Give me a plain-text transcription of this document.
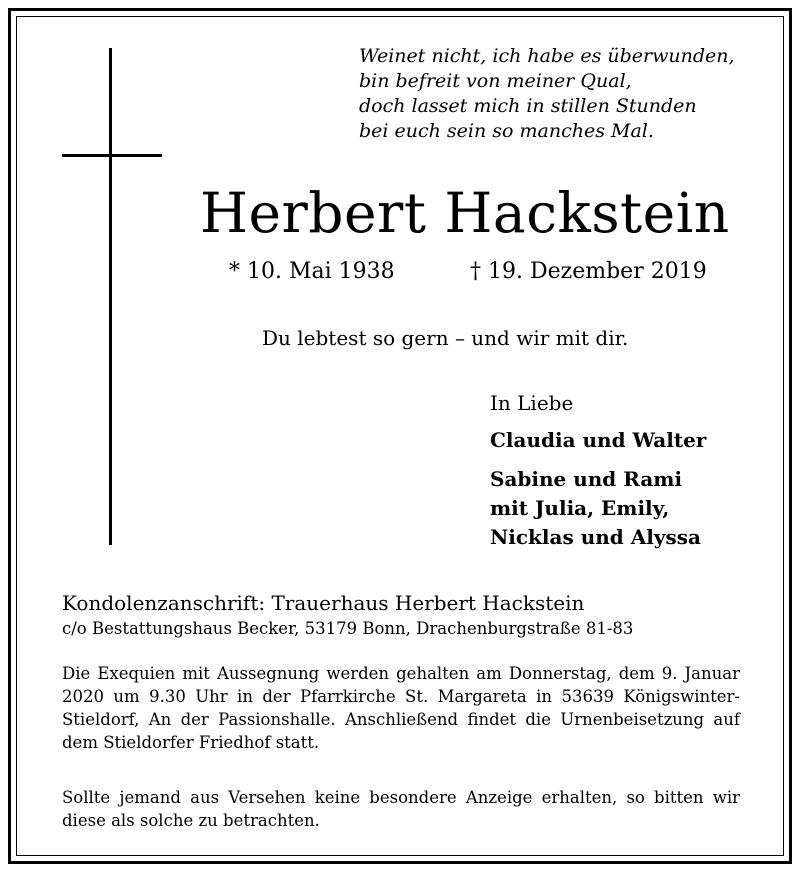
Weinet nicht, ich habe es überwunden,
bin befreit von meiner Qual,
doch lasset mich in stillen Stunden
bei euch sein so manches Mal.
Herbert Hackstein
* 10. Mai 1938	† 19. Dezember 2019
Du lebtest so gern – und wir mit dir.
In Liebe
Claudia und Walter
Sabine und Rami
mit Julia, Emily,
Nicklas und Alyssa
Kondolenzanschrift: Trauerhaus Herbert Hackstein
c/o Bestattungshaus Becker, 53179 Bonn, Drachenburgstraße 81-83
Die Exequien mit Aussegnung werden gehalten am Donnerstag, dem 9. Januar 2020 um 9.30 Uhr in der Pfarrkirche St. Margareta in 53639 Königswinter-Stieldorf, An der Passionshalle. Anschließend findet die Urnenbeisetzung auf dem Stieldorfer Friedhof statt.
Sollte jemand aus Versehen keine besondere Anzeige erhalten, so bitten wir diese als solche zu betrachten.
